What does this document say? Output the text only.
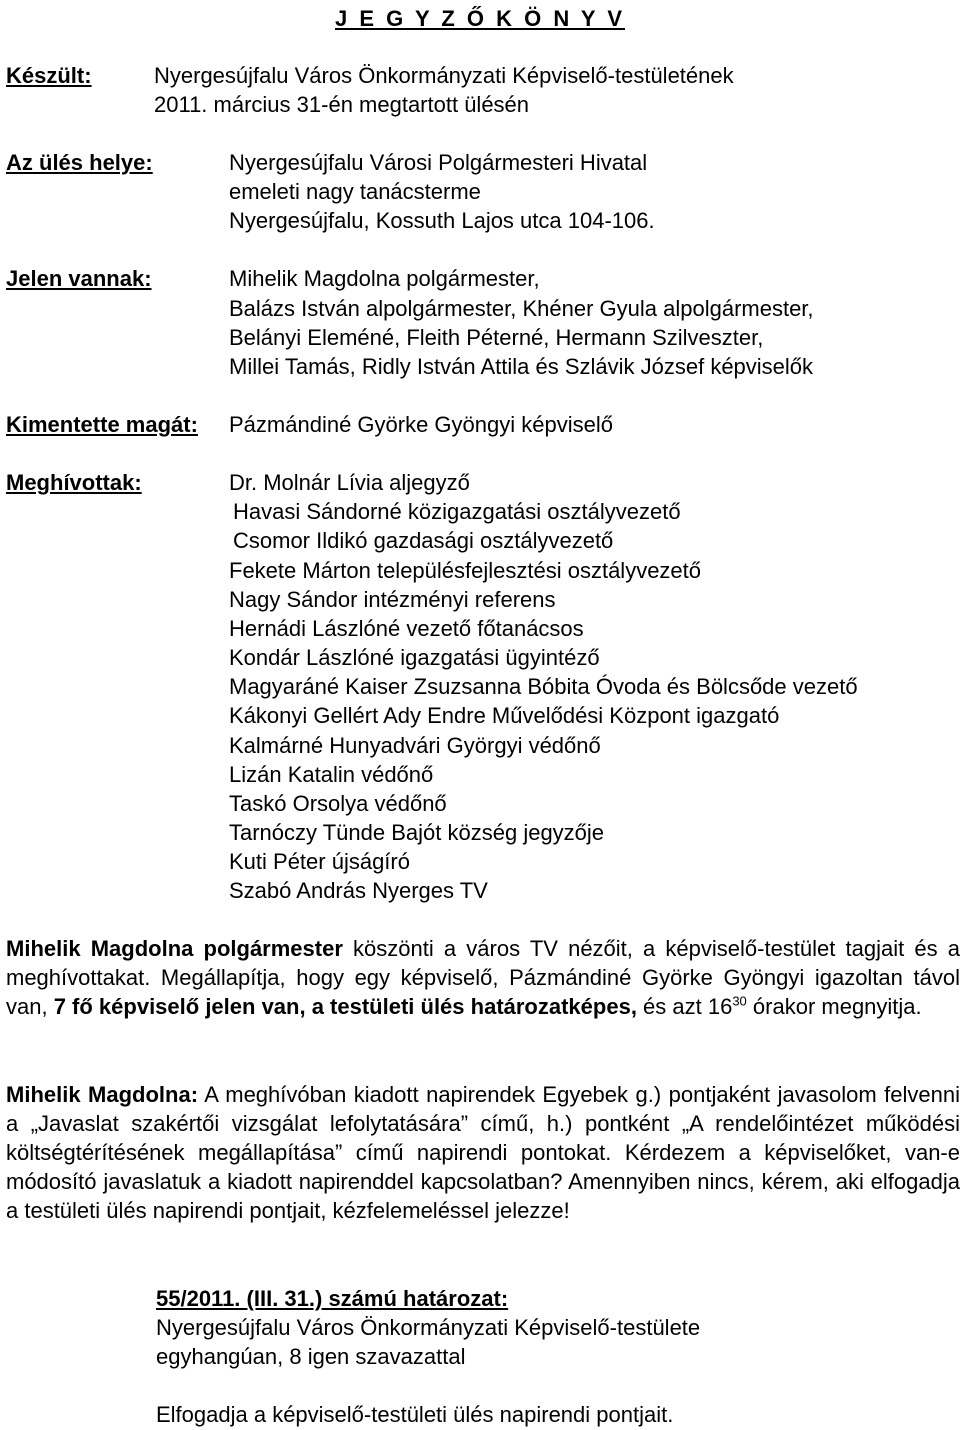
J E G Y Z Ő K Ö N Y V
Készült:	Nyergesújfalu Város Önkormányzati Képviselő-testületének
2011. március 31-én megtartott ülésén
Az ülés helye:	Nyergesújfalu Városi Polgármesteri Hivatal
emeleti nagy tanácsterme
Nyergesújfalu, Kossuth Lajos utca 104-106.
Jelen vannak:	Mihelik Magdolna polgármester,
Balázs István alpolgármester, Khéner Gyula alpolgármester,
Belányi Eleméné, Fleith Péterné, Hermann Szilveszter,
Millei Tamás, Ridly István Attila és Szlávik József képviselők
Kimentette magát: Pázmándiné Györke Gyöngyi képviselő
Meghívottak:	Dr. Molnár Lívia aljegyző
Havasi Sándorné közigazgatási osztályvezető
Csomor Ildikó gazdasági osztályvezető
Fekete Márton településfejlesztési osztályvezető
Nagy Sándor intézményi referens
Hernádi Lászlóné vezető főtanácsos
Kondár Lászlóné igazgatási ügyintéző
Magyaráné Kaiser Zsuzsanna Bóbita Óvoda és Bölcsőde vezető
Kákonyi Gellért Ady Endre Művelődési Központ igazgató
Kalmárné Hunyadvári Györgyi védőnő
Lizán Katalin védőnő
Taskó Orsolya védőnő
Tarnóczy Tünde Bajót község jegyzője
Kuti Péter újságíró
Szabó András Nyerges TV
Mihelik Magdolna polgármester köszönti a város TV nézőit, a képviselő-testület tagjait és a meghívottakat. Megállapítja, hogy egy képviselő, Pázmándiné Györke Gyöngyi igazoltan távol van, 7 fő képviselő jelen van, a testületi ülés határozatképes, és azt $16^{30}$ órakor megnyitja.
Mihelik Magdolna: A meghívóban kiadott napirendek Egyebek g.) pontjaként javasolom felvenni a „Javaslat szakértői vizsgálat lefolytatására” című, h.) pontként „A rendelőintézet működési költségtérítésének megállapítása” című napirendi pontokat. Kérdezem a képviselőket, van-e módosító javaslatuk a kiadott napirenddel kapcsolatban? Amennyiben nincs, kérem, aki elfogadja a testületi ülés napirendi pontjait, kézfelemeléssel jelezze!
55/2011. (III. 31.) számú határozat:
Nyergesújfalu Város Önkormányzati Képviselő-testülete
egyhangúan, 8 igen szavazattal
Elfogadja a képviselő-testületi ülés napirendi pontjait.
